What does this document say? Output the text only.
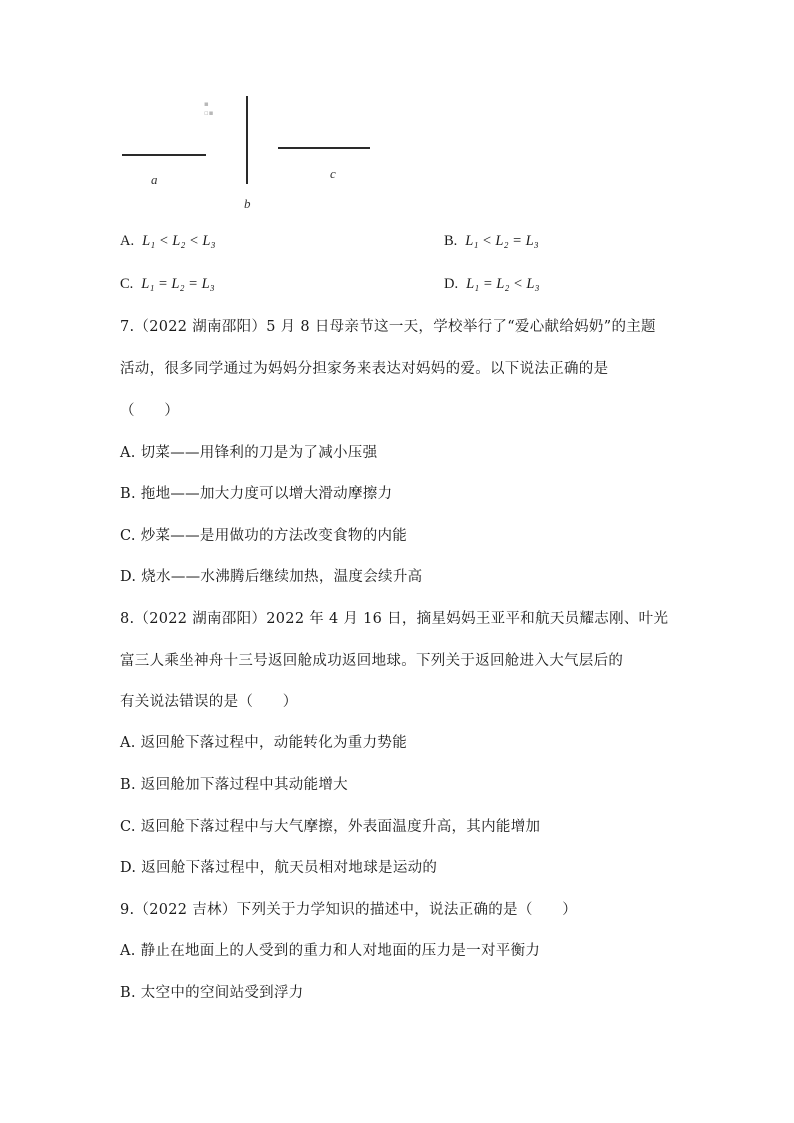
▪
▫▪
a
b
c
A. L₁ < L₂ < L₃	B. L₁ < L₂ = L₃
C. L₁ = L₂ = L₃	D. L₁ = L₂ < L₃
7.（2022 湖南邵阳）5 月 8 日母亲节这一天，学校举行了“爱心献给妈奶”的主题
活动，很多同学通过为妈妈分担家务来表达对妈妈的爱。以下说法正确的是
（　　）
A. 切菜——用锋利的刀是为了减小压强
B. 拖地——加大力度可以增大滑动摩擦力
C. 炒菜——是用做功的方法改变食物的内能
D. 烧水——水沸腾后继续加热，温度会续升高
8.（2022 湖南邵阳）2022 年 4 月 16 日，摘星妈妈王亚平和航天员耀志刚、叶光
富三人乘坐神舟十三号返回舱成功返回地球。下列关于返回舱进入大气层后的
有关说法错误的是（　　）
A. 返回舱下落过程中，动能转化为重力势能
B. 返回舱加下落过程中其动能增大
C. 返回舱下落过程中与大气摩擦，外表面温度升高，其内能增加
D. 返回舱下落过程中，航天员相对地球是运动的
9.（2022 吉林）下列关于力学知识的描述中，说法正确的是（　　）
A. 静止在地面上的人受到的重力和人对地面的压力是一对平衡力
B. 太空中的空间站受到浮力
